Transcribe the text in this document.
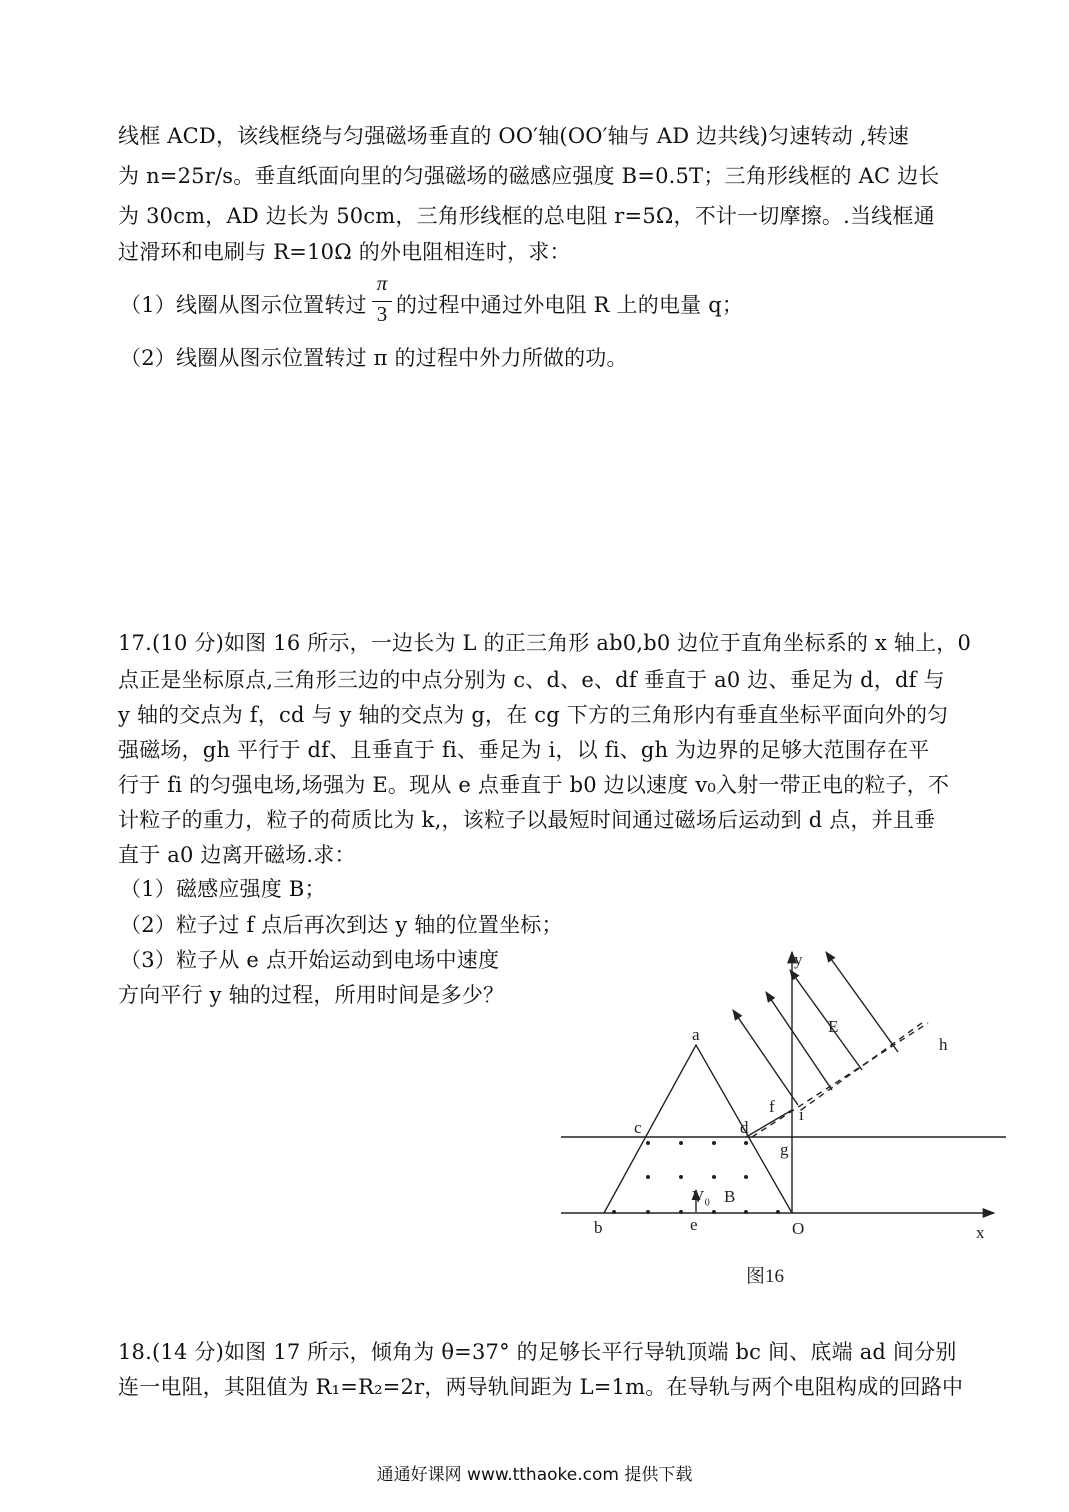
线框 ACD，该线框绕与匀强磁场垂直的 OO′轴(OO′轴与 AD 边共线)匀速转动 ,转速
为 n=25r/s。垂直纸面向里的匀强磁场的磁感应强度 B=0.5T；三角形线框的 AC 边长
为 30cm，AD 边长为 50cm，三角形线框的总电阻 r=5Ω，不计一切摩擦。.当线框通
过滑环和电刷与 R=10Ω 的外电阻相连时，求：
（1）线圈从图示位置转过
π
3 的过程中通过外电阻 R 上的电量 q；
（2）线圈从图示位置转过 π 的过程中外力所做的功。
17.(10 分)如图 16 所示，一边长为 L 的正三角形 ab0,b0 边位于直角坐标系的 x 轴上，0
点正是坐标原点,三角形三边的中点分别为 c、d、e、df 垂直于 a0 边、垂足为 d，df 与
y 轴的交点为 f，cd 与 y 轴的交点为 g，在 cg 下方的三角形内有垂直坐标平面向外的匀
强磁场，gh 平行于 df、且垂直于 fi、垂足为 i，以 fi、gh 为边界的足够大范围存在平
行于 fi 的匀强电场,场强为 E。现从 e 点垂直于 b0 边以速度 v₀入射一带正电的粒子，不
计粒子的重力，粒子的荷质比为 k,，该粒子以最短时间通过磁场后运动到 d 点，并且垂
直于 a0 边离开磁场.求：
（1）磁感应强度 B；
（2）粒子过 f 点后再次到达 y 轴的位置坐标；
（3）粒子从 e 点开始运动到电场中速度
方向平行 y 轴的过程，所用时间是多少？
a
b
c	d
e
f
g
h
i
O	x
y
E
V₀ B
图16
18.(14 分)如图 17 所示，倾角为 θ=37° 的足够长平行导轨顶端 bc 间、底端 ad 间分别
连一电阻，其阻值为 R₁=R₂=2r，两导轨间距为 L=1m。在导轨与两个电阻构成的回路中
通通好课网 www.tthaoke.com 提供下载
